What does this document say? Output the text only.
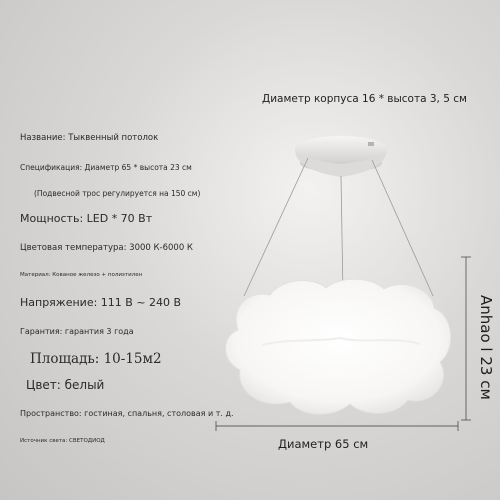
Название: Тыквенный потолок
Спецификация: Диаметр 65 * высота 23 см
(Подвесной трос регулируется на 150 см)
Мощность: LED * 70 Вт
Цветовая температура: 3000 К-6000 К
Материал: Кованое железо + полиэтилен
Напряжение: 111 В ~ 240 В
Гарантия: гарантия 3 года
Площадь: 10-15м2
Цвет: белый
Пространство: гостиная, спальня, столовая и т. д.
Источник света: СВЕТОДИОД
Диаметр корпуса 16 * высота 3, 5 см
Диаметр 65 см
Anhao l 23 см
